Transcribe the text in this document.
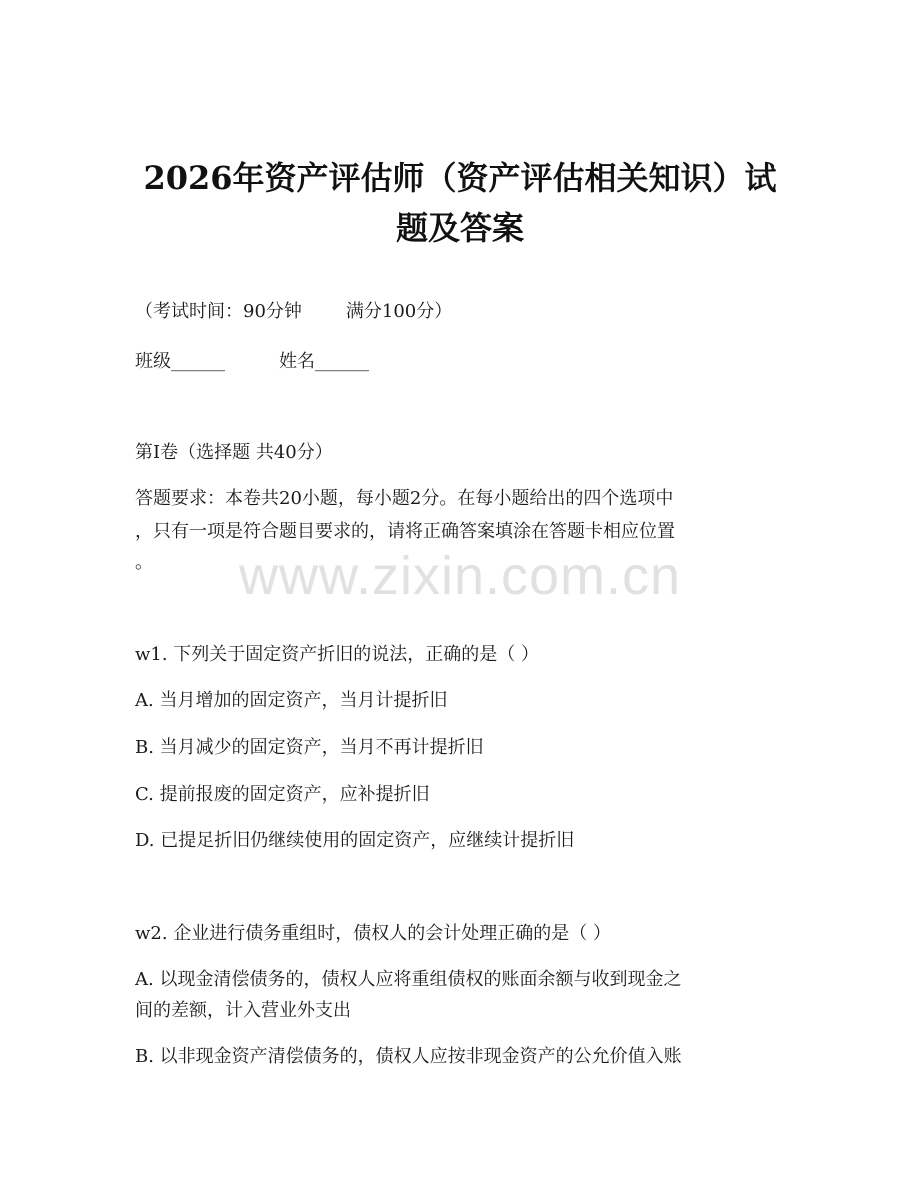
2026年资产评估师（资产评估相关知识）试
题及答案
（考试时间：90分钟 满分100分）
班级______	姓名______
第I卷（选择题 共40分）
答题要求：本卷共20小题，每小题2分。在每小题给出的四个选项中
，只有一项是符合题目要求的，请将正确答案填涂在答题卡相应位置
。	www.zixin.com.cn
w1. 下列关于固定资产折旧的说法，正确的是（ ）
A. 当月增加的固定资产，当月计提折旧
B. 当月减少的固定资产，当月不再计提折旧
C. 提前报废的固定资产，应补提折旧
D. 已提足折旧仍继续使用的固定资产，应继续计提折旧
w2. 企业进行债务重组时，债权人的会计处理正确的是（ ）
A. 以现金清偿债务的，债权人应将重组债权的账面余额与收到现金之
间的差额，计入营业外支出
B. 以非现金资产清偿债务的，债权人应按非现金资产的公允价值入账
